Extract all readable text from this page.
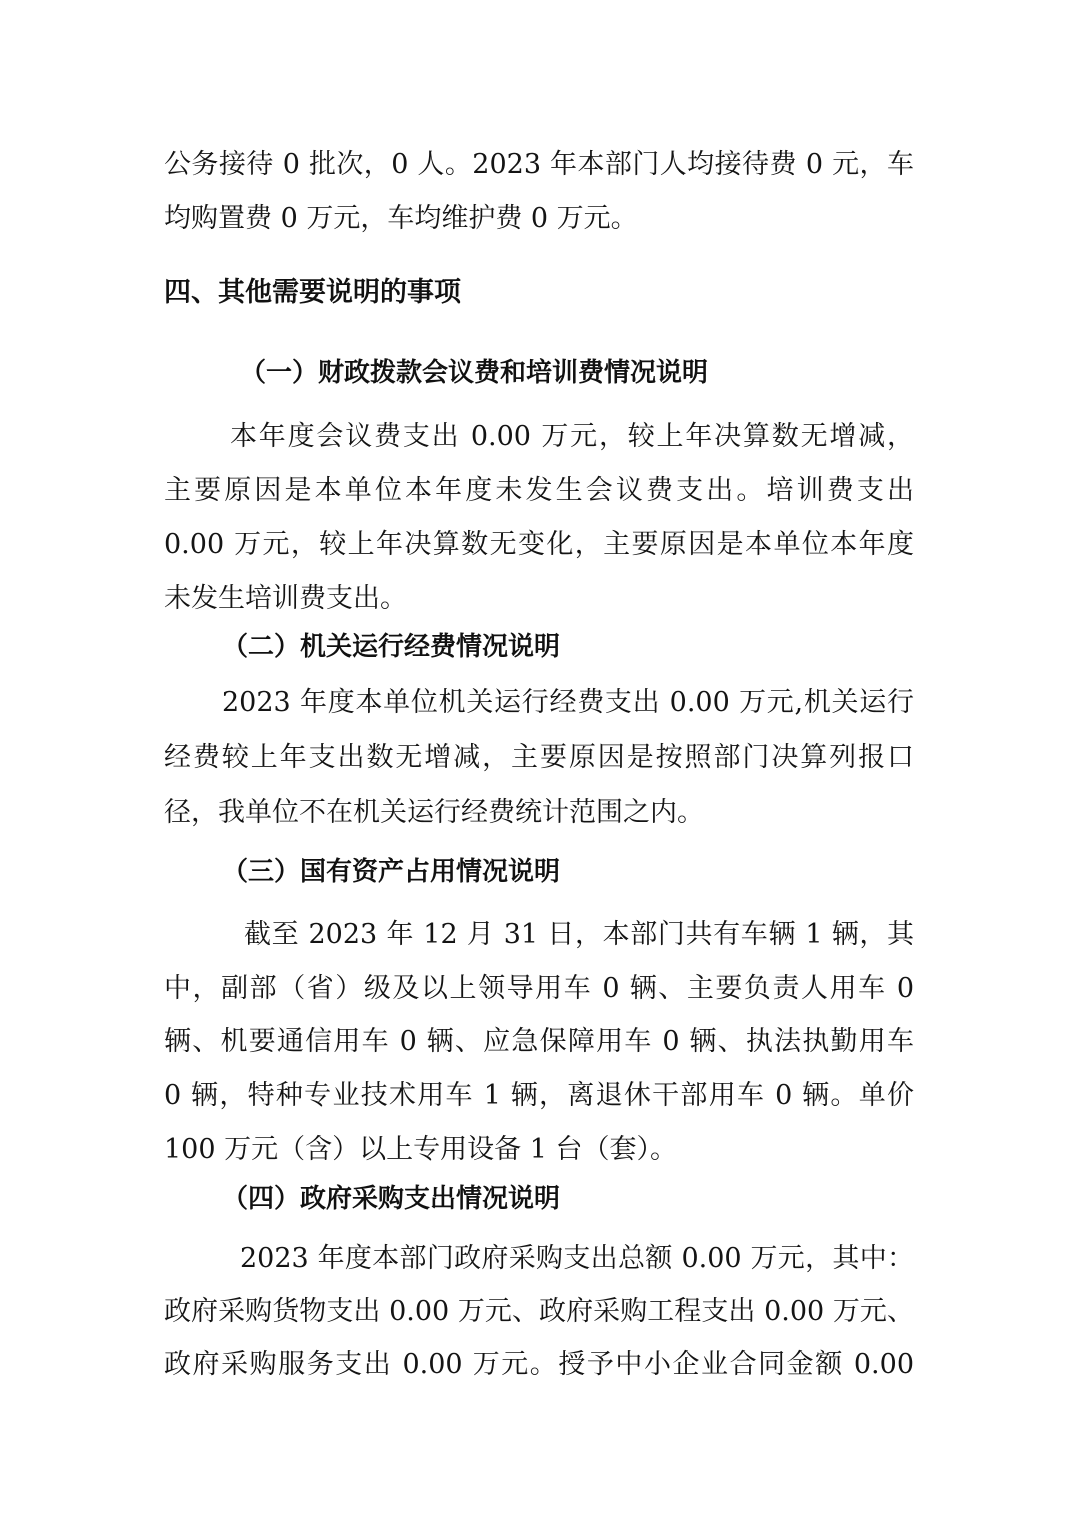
公务接待 0 批次，0 人。2023 年本部门人均接待费 0 元，车
均购置费 0 万元，车均维护费 0 万元。
四、其他需要说明的事项
（一）财政拨款会议费和培训费情况说明
本年度会议费支出 0.00 万元，较上年决算数无增减，
主要原因是本单位本年度未发生会议费支出。培训费支出
0.00 万元，较上年决算数无变化，主要原因是本单位本年度
未发生培训费支出。
（二）机关运行经费情况说明
2023 年度本单位机关运行经费支出 0.00 万元,机关运行
经费较上年支出数无增减，主要原因是按照部门决算列报口
径，我单位不在机关运行经费统计范围之内。
（三）国有资产占用情况说明
截至 2023 年 12 月 31 日，本部门共有车辆 1 辆，其
中，副部（省）级及以上领导用车 0 辆、主要负责人用车 0
辆、机要通信用车 0 辆、应急保障用车 0 辆、执法执勤用车
0 辆，特种专业技术用车 1 辆，离退休干部用车 0 辆。单价
100 万元（含）以上专用设备 1 台（套）。
（四）政府采购支出情况说明
2023 年度本部门政府采购支出总额 0.00 万元，其中：
政府采购货物支出 0.00 万元、政府采购工程支出 0.00 万元、
政府采购服务支出 0.00 万元。授予中小企业合同金额 0.00
